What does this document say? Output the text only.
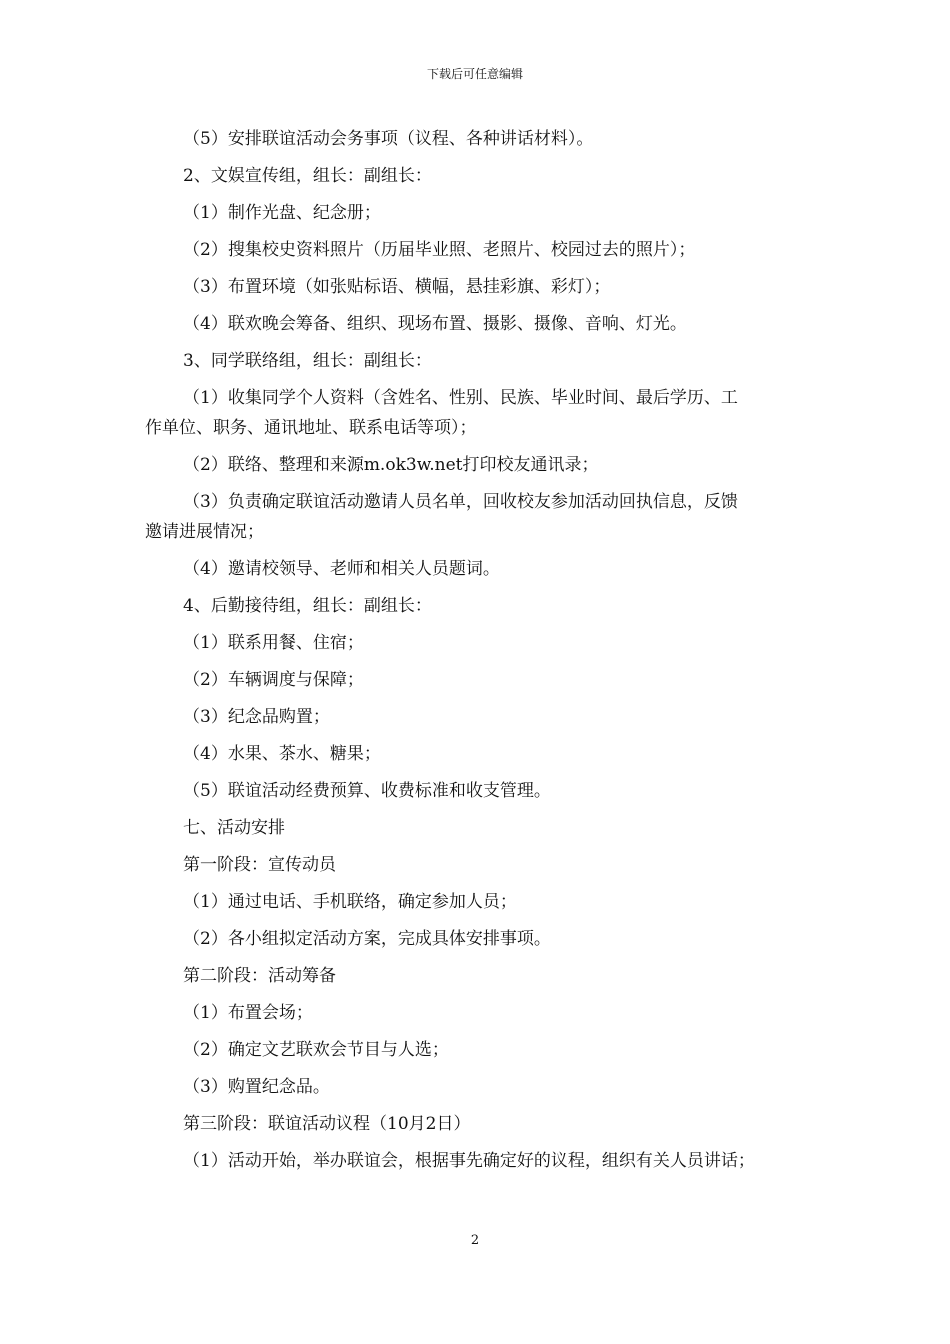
下载后可任意编辑
（5）安排联谊活动会务事项（议程、各种讲话材料）。
2、文娱宣传组，组长：副组长：
（1）制作光盘、纪念册；
（2）搜集校史资料照片（历届毕业照、老照片、校园过去的照片）；
（3）布置环境（如张贴标语、横幅，悬挂彩旗、彩灯）；
（4）联欢晚会筹备、组织、现场布置、摄影、摄像、音响、灯光。
3、同学联络组，组长：副组长：
（1）收集同学个人资料（含姓名、性别、民族、毕业时间、最后学历、工
作单位、职务、通讯地址、联系电话等项）；
（2）联络、整理和来源m.ok3w.net打印校友通讯录；
（3）负责确定联谊活动邀请人员名单，回收校友参加活动回执信息，反馈
邀请进展情况；
（4）邀请校领导、老师和相关人员题词。
4、后勤接待组，组长：副组长：
（1）联系用餐、住宿；
（2）车辆调度与保障；
（3）纪念品购置；
（4）水果、茶水、糖果；
（5）联谊活动经费预算、收费标准和收支管理。
七、活动安排
第一阶段：宣传动员
（1）通过电话、手机联络，确定参加人员；
（2）各小组拟定活动方案，完成具体安排事项。
第二阶段：活动筹备
（1）布置会场；
（2）确定文艺联欢会节目与人选；
（3）购置纪念品。
第三阶段：联谊活动议程（10月2日）
（1）活动开始，举办联谊会，根据事先确定好的议程，组织有关人员讲话；
2
